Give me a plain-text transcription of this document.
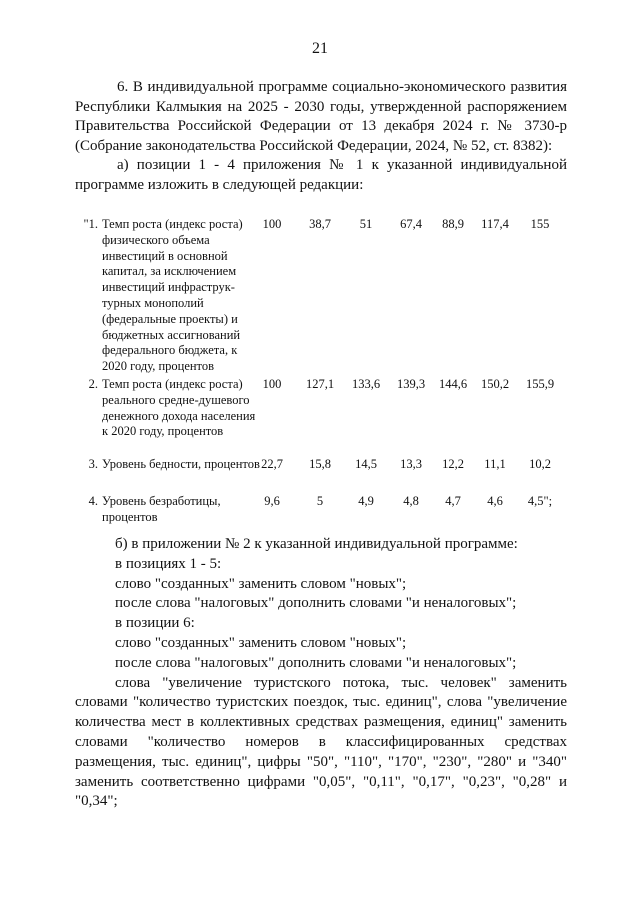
21

6. В индивидуальной программе социально-экономического развития Республики Калмыкия на 2025 - 2030 годы, утвержденной распоряжением Правительства Российской Федерации от 13 декабря 2024 г. № 3730-р (Собрание законодательства Российской Федерации, 2024, № 52, ст. 8382):

а) позиции 1 - 4 приложения № 1 к указанной индивидуальной программе изложить в следующей редакции:

"1. Темп роста (индекс роста) физического объема инвестиций в основной капитал, за исключением инвестиций инфраструк-турных монополий (федеральные проекты) и бюджетных ассигнований федерального бюджета, к 2020 году, процентов
100	38,7	51	67,4	88,9	117,4	155
2. Темп роста (индекс роста) реального средне-душевого денежного дохода населения к 2020 году, процентов
100	127,1	133,6	139,3	144,6	150,2	155,9
3. Уровень бедности, процентов 22,7	15,8	14,5	13,3	12,2	11,1	10,2
4. Уровень безработицы, процентов
9,6	5	4,9	4,8	4,7	4,6	4,5";

б) в приложении № 2 к указанной индивидуальной программе:

в позициях 1 - 5:

слово "созданных" заменить словом "новых";

после слова "налоговых" дополнить словами "и неналоговых";

в позиции 6:

слово "созданных" заменить словом "новых";

после слова "налоговых" дополнить словами "и неналоговых";

слова "увеличение туристского потока, тыс. человек" заменить словами "количество туристских поездок, тыс. единиц", слова "увеличение количества мест в коллективных средствах размещения, единиц" заменить словами "количество номеров в классифицированных средствах размещения, тыс. единиц", цифры "50", "110", "170", "230", "280" и "340" заменить соответственно цифрами "0,05", "0,11", "0,17", "0,23", "0,28" и "0,34";
